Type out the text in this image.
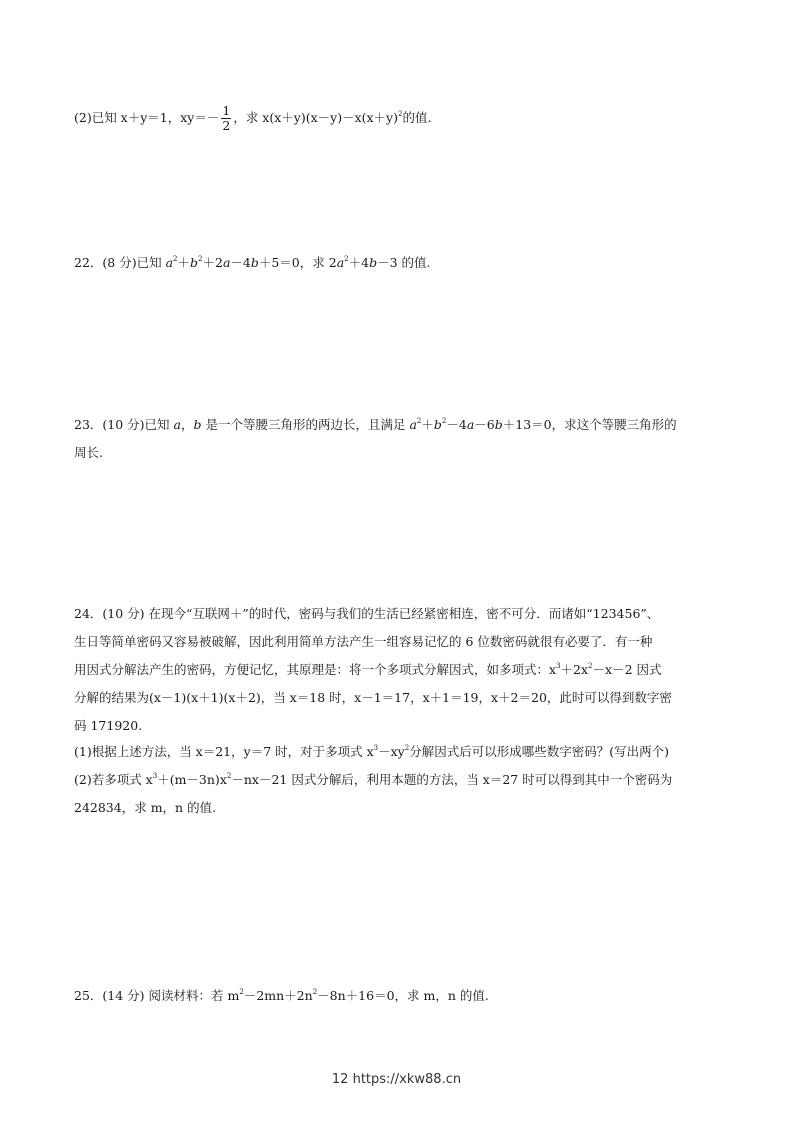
(2)已知 x＋y＝1，$xy=- \frac{1}{2}$ ，求 $x(x+y)(x-y)-x(x+y)^2$的值.
22．(8 分)已知 $a^2+b^2+2a-4b+5=0$，求 $2a^2+4b-3$ 的值.
23．(10 分)已知 a，b 是一个等腰三角形的两边长，且满足 $a^2+b^2-4a-6b+13=0$，求这个等腰三角形的
周长.
24．(10 分) 在现今“互联网＋”的时代，密码与我们的生活已经紧密相连，密不可分．而诸如“123456”、
生日等简单密码又容易被破解，因此利用简单方法产生一组容易记忆的 6 位数密码就很有必要了．有一种
用因式分解法产生的密码，方便记忆，其原理是：将一个多项式分解因式，如多项式：$x^3+2x^2-x-2$ 因式
分解的结果为(x－1)(x＋1)(x＋2)，当 x＝18 时，x－1＝17，x＋1＝19，x＋2＝20，此时可以得到数字密
码 171920.
(1)根据上述方法，当 x＝21，y＝7 时，对于多项式 $x^3-xy^2$分解因式后可以形成哪些数字密码？(写出两个)
(2)若多项式 $x^3+(m-3n)x^2-nx-21$ 因式分解后，利用本题的方法，当 x＝27 时可以得到其中一个密码为
242834，求 m，n 的值.
25．(14 分) 阅读材料：若 $m^2-2mn+2n^2-8n+16=0$，求 m，n 的值.
12 https://xkw88.cn
